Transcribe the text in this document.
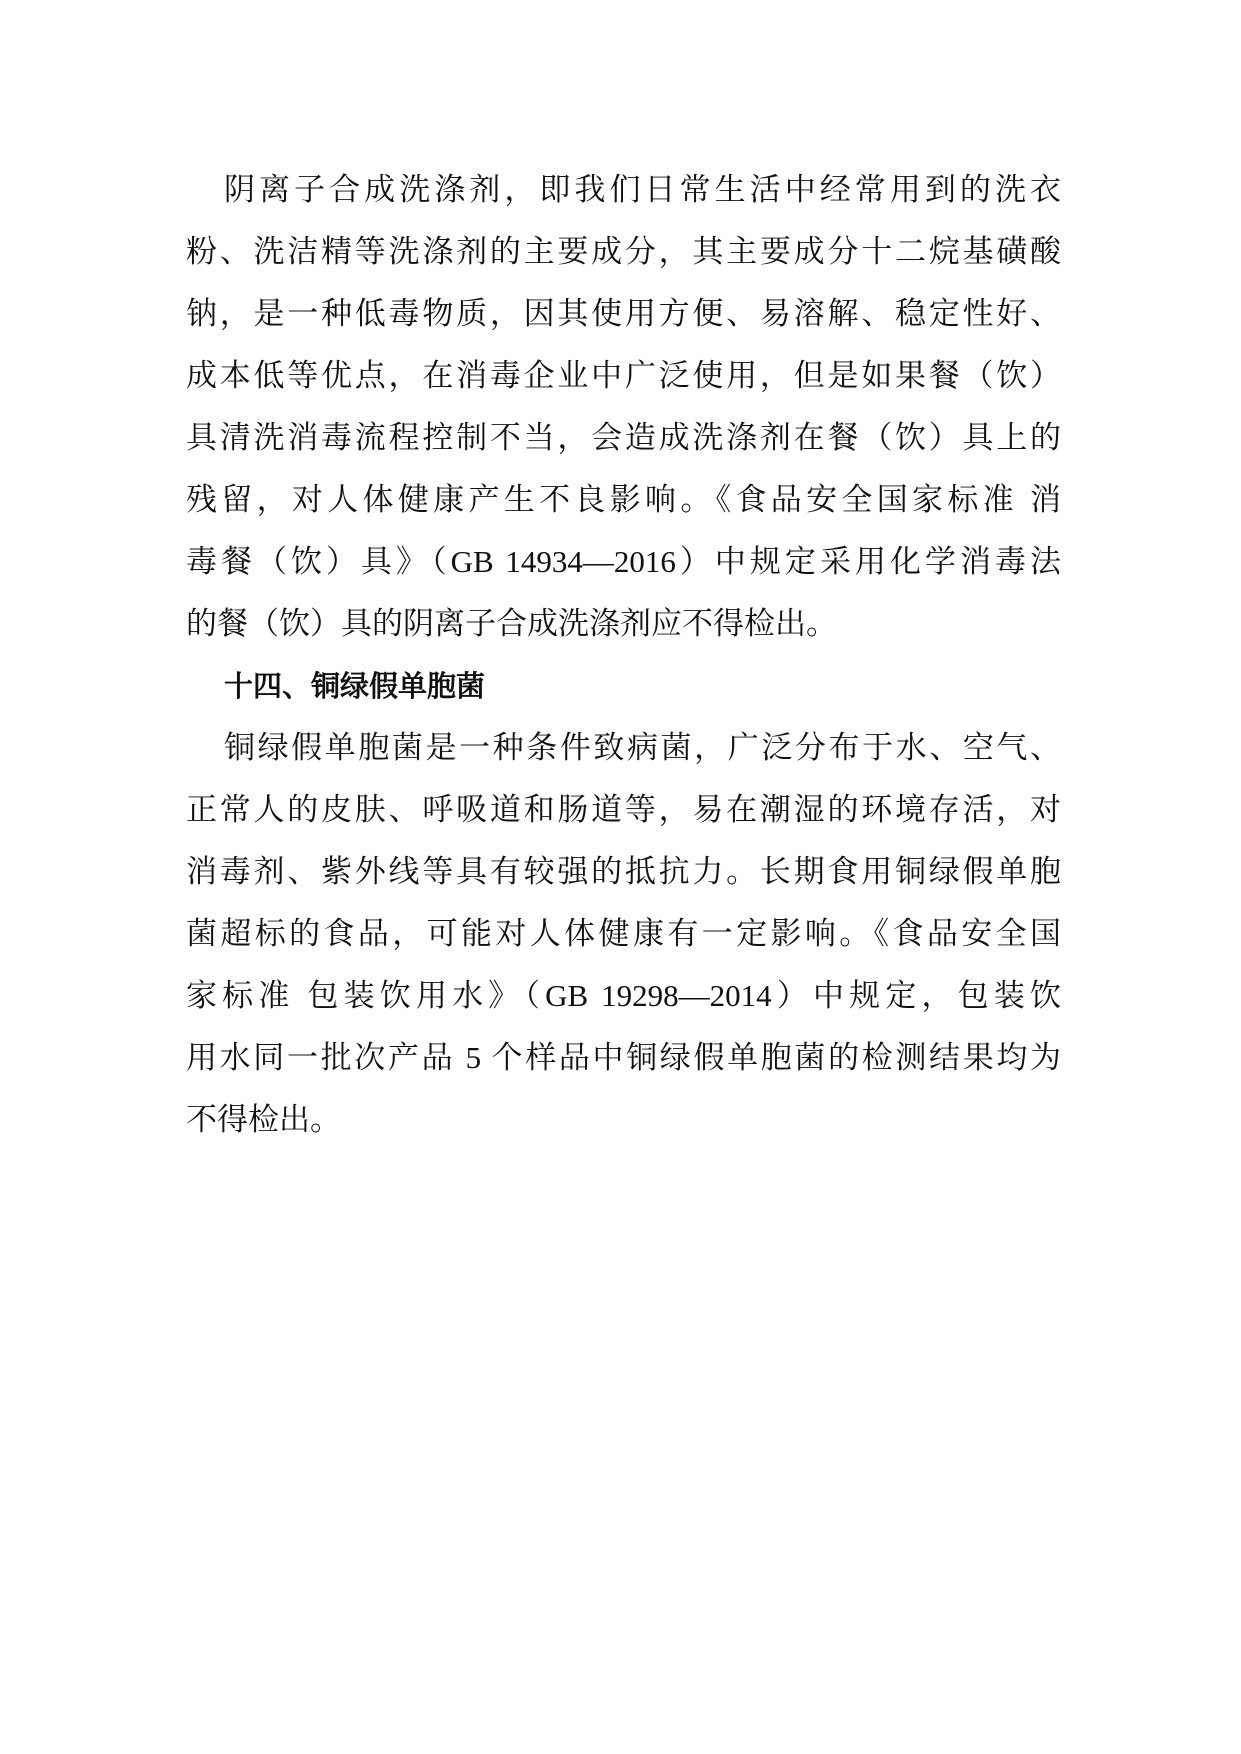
阴离子合成洗涤剂，即我们日常生活中经常用到的洗衣
粉、洗洁精等洗涤剂的主要成分，其主要成分十二烷基磺酸
钠，是一种低毒物质，因其使用方便、易溶解、稳定性好、
成本低等优点，在消毒企业中广泛使用，但是如果餐（饮）
具清洗消毒流程控制不当，会造成洗涤剂在餐（饮）具上的
残留，对人体健康产生不良影响。《食品安全国家标准 消
毒餐（饮）具》（GB 14934—2016）中规定采用化学消毒法
的餐（饮）具的阴离子合成洗涤剂应不得检出。
十四、铜绿假单胞菌
铜绿假单胞菌是一种条件致病菌，广泛分布于水、空气、
正常人的皮肤、呼吸道和肠道等，易在潮湿的环境存活，对
消毒剂、紫外线等具有较强的抵抗力。长期食用铜绿假单胞
菌超标的食品，可能对人体健康有一定影响。《食品安全国
家标准 包装饮用水》（GB 19298—2014）中规定，包装饮
用水同一批次产品 5 个样品中铜绿假单胞菌的检测结果均为
不得检出。
